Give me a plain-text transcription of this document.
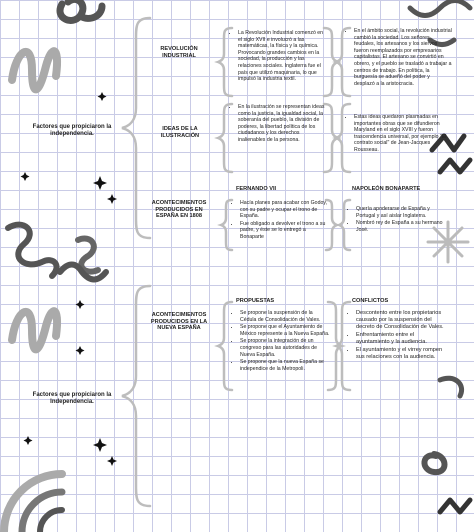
Factores que propiciaron la independencia.
REVOLUCIÓN INDUSTRIAL
• La Revolución Industrial comenzó en el siglo XVII e involucró a las matemáticas, la física y la química. Provocando grandes cambios en la sociedad, la producción y las relaciones sociales. Inglaterra fue el país que utilizó maquinaria, lo que impulsó la industria textil.
• En el ámbito social, la revolución industrial cambió la sociedad. Los señores feudales, los artesanos y los siervos fueron reemplazados por empresarios capitalistas. El artesano se convirtió en obrero, y el pueblo se trasladó a trabajar a centros de trabajo. En política, la burguesía se adueñó del poder y desplazó a la aristocracia.
IDEAS DE LA ILUSTRACIÓN
• En la ilustración se representan ideas como la justicia, la igualdad social, la soberanía del pueblo, la división de poderes, la libertad política de los ciudadanos y los derechos inalienables de la persona.
• Estas ideas quedaron plasmadas en importantes obras que se difundieron Maryland en el siglo XVIII y fueron trascendencia universal, por ejemplo "El contrato social" de Jean-Jacques Rousseau.
ACONTECIMIENTOS PRODUCIDOS EN ESPAÑA EN 1808
FERNANDO VII
• Hacía planes para acabar con Godoy, con su padre y ocupar el trono de España.
• Fue obligado a devolver el trono a su padre, y éste se lo entregó a Bonaparte
NAPOLEÓN BONAPARTE
• Quería apoderarse de España y Portugal y así aislar Inglaterra.
• Nombró rey de España a su hermano José.
Factores que propiciaron la Independencia.
ACONTECIMIENTOS PRODUCIDOS EN LA NUEVA ESPAÑA
PROPUESTAS
• Se propone la suspensión de la Cédula de Consolidación de Vales.
• Se propone que el Ayuntamiento de México represente a la Nueva España.
• Se propone la integración de un congreso para las autoridades de Nueva España.
• Se propone que la nueva España se independice de la Metropoli.
CONFLICTOS
• Descontento entre los propietarios causado por la suspensión del decreto de Consolidación de Vales.
• Enfrentamiento entre el ayuntamiento y la audiencia.
• El ayuntamiento y el virrey rompen sus relaciones con la audiencia.
